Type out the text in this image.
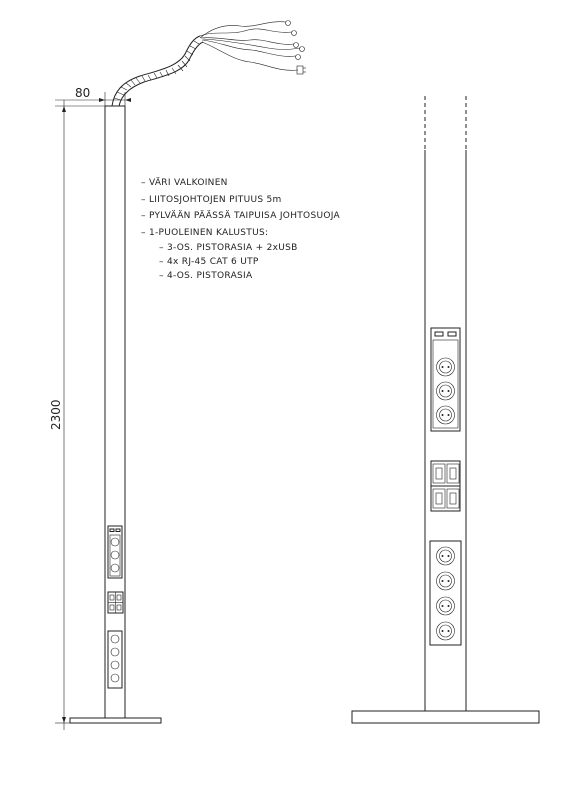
80
2300
– VÄRI VALKOINEN
– LIITOSJOHTOJEN PITUUS 5m
– PYLVÄÄN PÄÄSSÄ TAIPUISA JOHTOSUOJA
– 1-PUOLEINEN KALUSTUS:
– 3-OS. PISTORASIA + 2xUSB
– 4x RJ-45 CAT 6 UTP
– 4-OS. PISTORASIA
